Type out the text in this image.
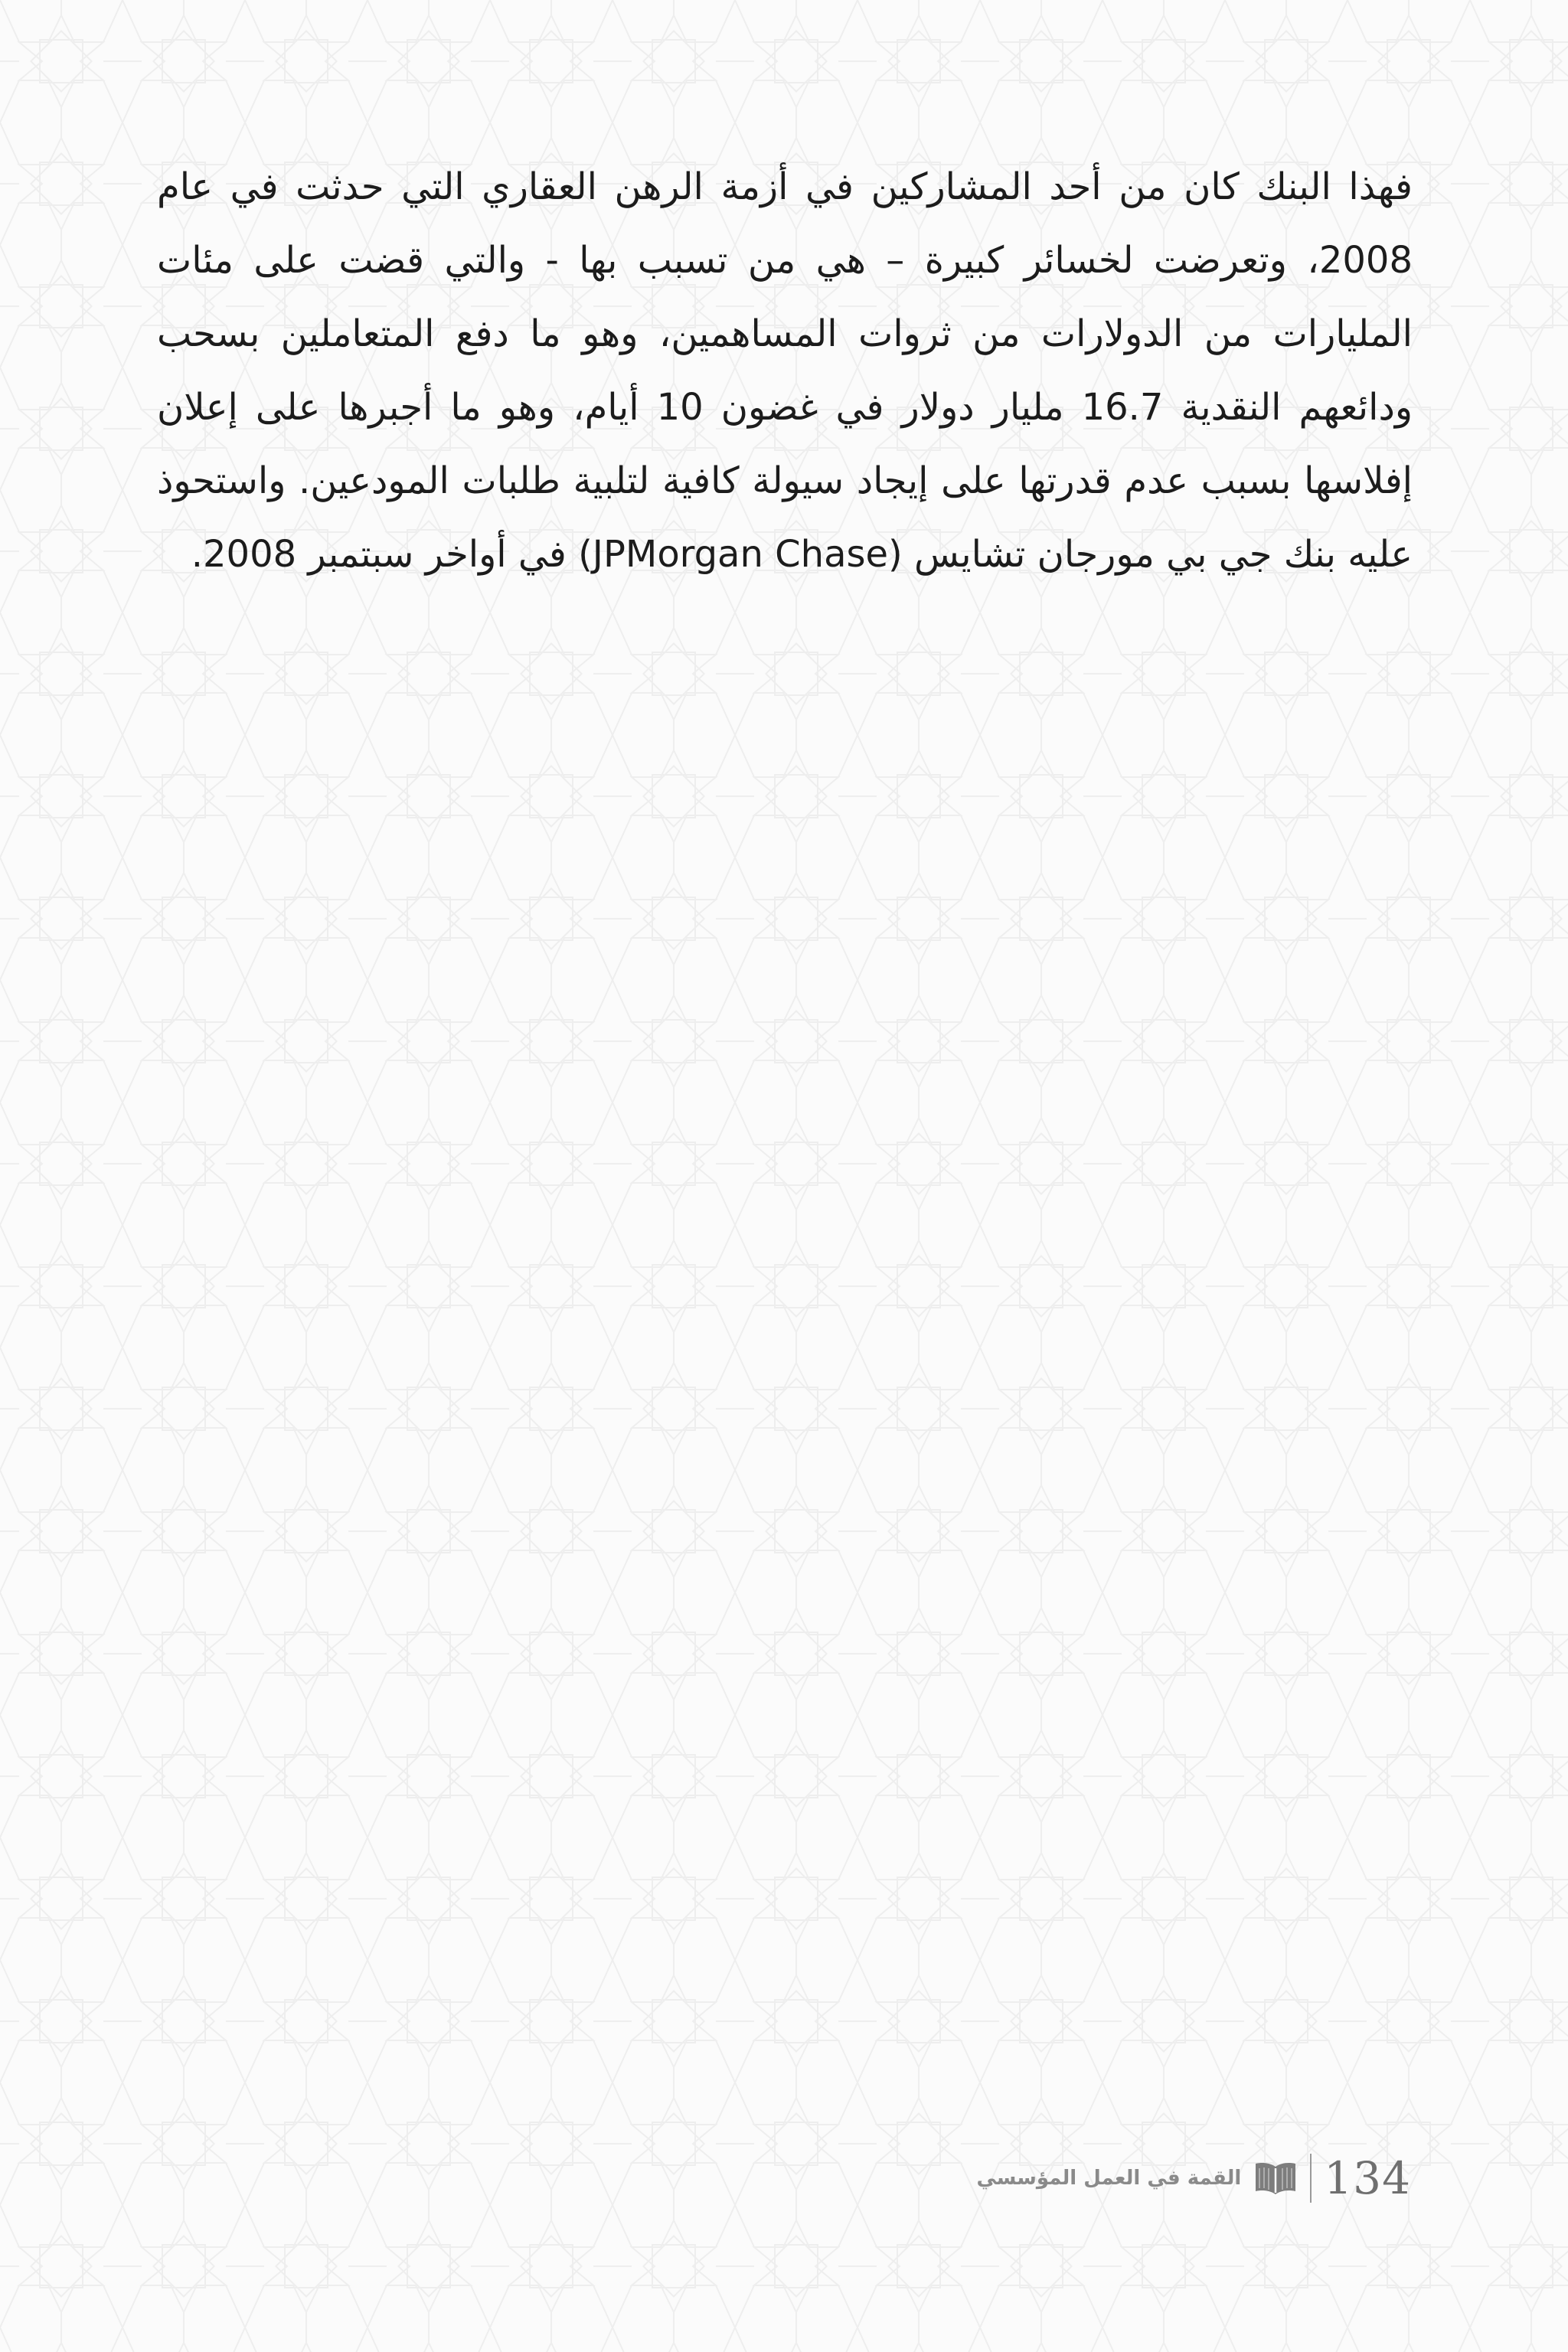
فهذا البنك كان من أحد المشاركين في أزمة الرهن العقاري التي حدثت في عام 2008، وتعرضت لخسائر كبيرة – هي من تسبب بها - والتي قضت على مئات المليارات من الدولارات من ثروات المساهمين، وهو ما دفع المتعاملين بسحب ودائعهم النقدية 16.7 مليار دولار في غضون 10 أيام، وهو ما أجبرها على إعلان إفلاسها بسبب عدم قدرتها على إيجاد سيولة كافية لتلبية طلبات المودعين. واستحوذ عليه بنك جي بي مورجان تشايس (JPMorgan Chase) في أواخر سبتمبر 2008.

القمة في العمل المؤسسي 134
